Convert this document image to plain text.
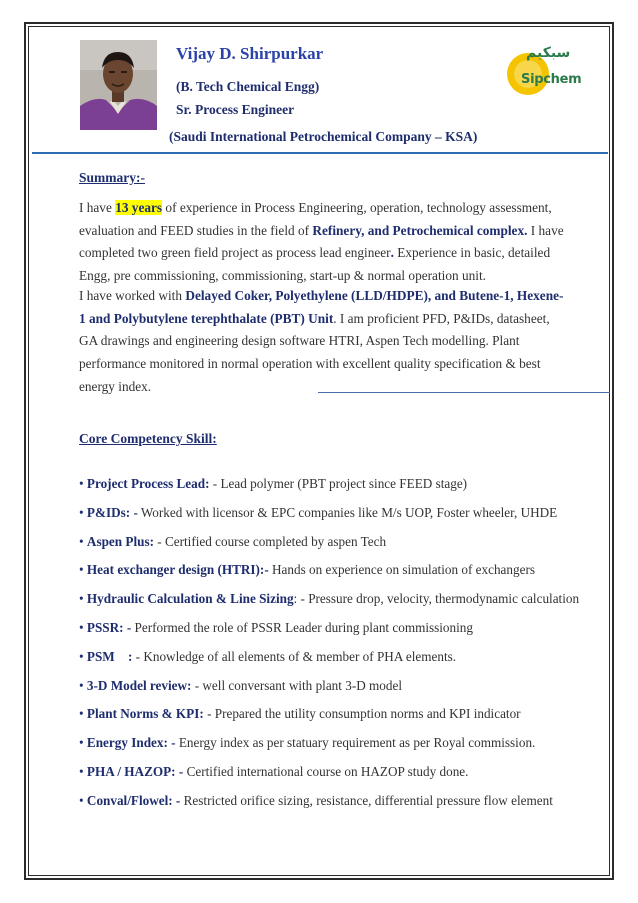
Vijay D. Shirpurkar
(B. Tech Chemical Engg)
Sr. Process Engineer
(Saudi International Petrochemical Company – KSA)
سبكيم
Sipchem
Summary:-
I have 13 years of experience in Process Engineering, operation, technology assessment, evaluation and FEED studies in the field of Refinery, and Petrochemical complex. I have completed two green field project as process lead engineer. Experience in basic, detailed Engg, pre commissioning, commissioning, start-up & normal operation unit.
I have worked with Delayed Coker, Polyethylene (LLD/HDPE), and Butene-1, Hexene-1 and Polybutylene terephthalate (PBT) Unit. I am proficient PFD, P&IDs, datasheet, GA drawings and engineering design software HTRI, Aspen Tech modelling. Plant performance monitored in normal operation with excellent quality specification & best energy index.
Core Competency Skill:
• Project Process Lead: - Lead polymer (PBT project since FEED stage)
• P&IDs: - Worked with licensor & EPC companies like M/s UOP, Foster wheeler, UHDE
• Aspen Plus: - Certified course completed by aspen Tech
• Heat exchanger design (HTRI):- Hands on experience on simulation of exchangers
• Hydraulic Calculation & Line Sizing: - Pressure drop, velocity, thermodynamic calculation
• PSSR: - Performed the role of PSSR Leader during plant commissioning
• PSM    : - Knowledge of all elements of & member of PHA elements.
• 3-D Model review: - well conversant with plant 3-D model
• Plant Norms & KPI: - Prepared the utility consumption norms and KPI indicator
• Energy Index: - Energy index as per statuary requirement as per Royal commission.
• PHA / HAZOP: - Certified international course on HAZOP study done.
• Conval/Flowel: - Restricted orifice sizing, resistance, differential pressure flow element
